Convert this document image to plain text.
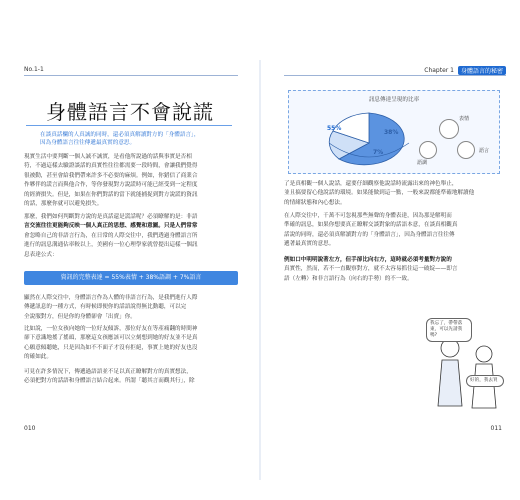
No.1-1
身體語言不會說謊
在談真話欄的人真誠的同時，還必須真解讀對方的「身體語言」，
因為身體語言往往傳遞最真實的意思。
現實生活中要判斷一個人誠不誠實，是看他所說過的話與事實是否相
符，不過這樣去驗證談話的真實性往往都需要一段時間，會讓我們覺得
很被動，甚至會給我們帶來許多不必要的麻煩。例如，你錯信了商業合
作夥伴的謊言而與他合作，等你發現對方說謊時可能已經受到一定程度
的經濟損失。但是，如果在你們對話的當下就能捕捉到對方說謊的資訊
的話，那麼你就可以避免損失。
那麼，我們如何判斷對方說的是真話還是謊話呢？必須瞭解的是：非語
言交流往往更能夠反映一個人真正的思想、感覺和意圖。只是人們常常
會忽略自己的非語言行為，在日常的人際交往中，我們透過身體語言所
進行的訊息溝通佔率較以上，美國有一位心理學家就曾提出這樣一個訊
息表達公式：
資訊的完整表達 = 55%表情 + 38%語調 + 7%語言
顯然在人際交往中，身體語言作為人體的非語言行為，是我們進行人際
傳遞訊息的一種方式，有時候即便你的話語說得無比動聽，可以完
全說服對方，但是你的身體卻會「出賣」你。
比如說，一位女孩向她的一位好友傾訴，那位好友在等產痛翻的時間神
卻下意識地搖了搖頭，那麼這女孩應該可以立刻想到她的好友並不是真
心願意傾聽她，只是因為如不不面子才沒有拒絕，事實上她的好友也沒
的確如此。
可見在許多情況下，傳遞過語語並不足以真正瞭解對方的真實想法，
必須把對方的話語和身體語言結合起來。所謂「聽其言而觀其行」，除
010
Chapter 1	身體語言的秘密
訊息傳達呈現的比率
55%
38%
7%
表情
語調
語言
了是真相觀一個人說話，還要仔細觀察他說話時流露出來的神色舉止，
並且搞要留心他說話的環境。如果能做到這一點，一般來說都能準確地解讀他
的情緒狀態和內心想法。
在人際交往中，千萬不可忽視那些無聲的身體表達，因為那是解明而
準確的訊息，如果你想要真正瞭解交談對象的話語本意，在談真相觀真
話說的同時，還必須真解讀對方的「身體語言」，因為身體語言往往傳
遞著最真實的意思。
例如口中明明說著左方，但手卻比向右方，這時就必須考量對方說的
真實性，然而，若不一直觀察對方，就不太容易抓住這一破綻——即言
語（左轉）和非言語行為（向右的手勢）的不一致。
我忘了，帶帶落東，可以先請我嗎?
好的，我去買
011
